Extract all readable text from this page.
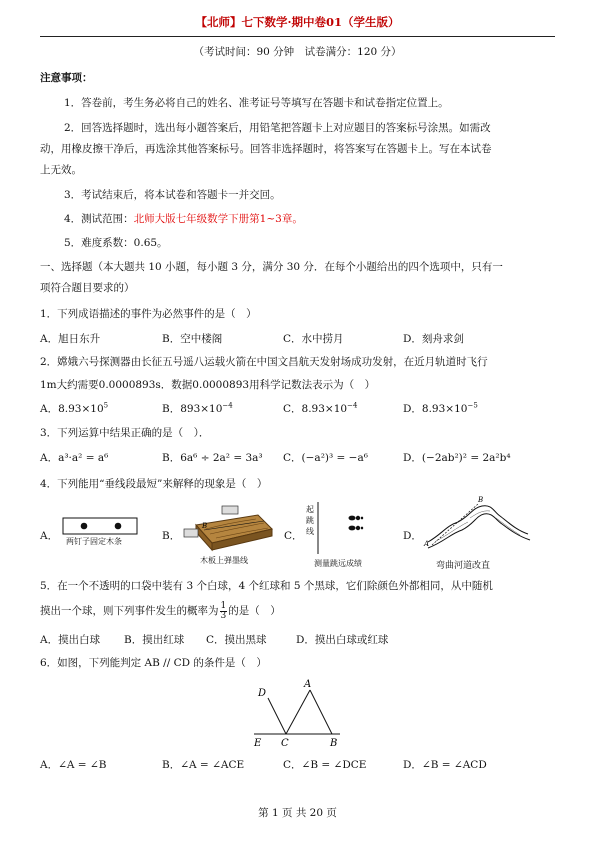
【北师】七下数学·期中卷01（学生版）
（考试时间：90 分钟　试卷满分：120 分）
注意事项：
1．答卷前，考生务必将自己的姓名、准考证号等填写在答题卡和试卷指定位置上。
2．回答选择题时，选出每小题答案后，用铅笔把答题卡上对应题目的答案标号涂黑。如需改
动，用橡皮擦干净后，再选涂其他答案标号。回答非选择题时，将答案写在答题卡上。写在本试卷
上无效。
3．考试结束后，将本试卷和答题卡一并交回。
4．测试范围：北师大版七年级数学下册第1~3章。
5．难度系数：0.65。
一、选择题（本大题共 10 小题，每小题 3 分，满分 30 分．在每个小题给出的四个选项中，只有一
项符合题目要求的）
1．下列成语描述的事件为必然事件的是（　）
A．旭日东升	B．空中楼阁	C．水中捞月	D．刻舟求剑
2．嫦娥六号探测器由长征五号遥八运载火箭在中国文昌航天发射场成功发射，在近月轨道时飞行
1m大约需要0.0000893s．数据0.0000893用科学记数法表示为（　）
A．$8.93\times 10^5$	B．$893\times 10^{-4}$	C．$8.93\times 10^{-4}$	D．$8.93\times 10^{-5}$
3．下列运算中结果正确的是（　）．
A．a³·a² = a⁶	B．6a⁶ ÷ 2a² = 3a³ C．(−a²)³ = −a⁶	D．(−2ab²)² = 2a²b⁴
4．下列能用“垂线段最短”来解释的现象是（　）
A． 两钉子固定木条	B．
B
木板上弹墨线
C．
起跳线
测量跳远成绩
D．
A
B
弯曲河道改直
5．在一个不透明的口袋中装有 3 个白球，4 个红球和 5 个黑球，它们除颜色外都相同，从中随机
摸出一个球，则下列事件发生的概率为 $\frac{1}{3}$ 的是（　）
A．摸出白球 B．摸出红球 C．摸出黑球	D．摸出白球或红球
6．如图，下列能判定 AB // CD 的条件是（　）
D
A
E C	B
A．∠A = ∠B	B．∠A = ∠ACE	C．∠B = ∠DCE	D．∠B = ∠ACD
第 1 页 共 20 页
